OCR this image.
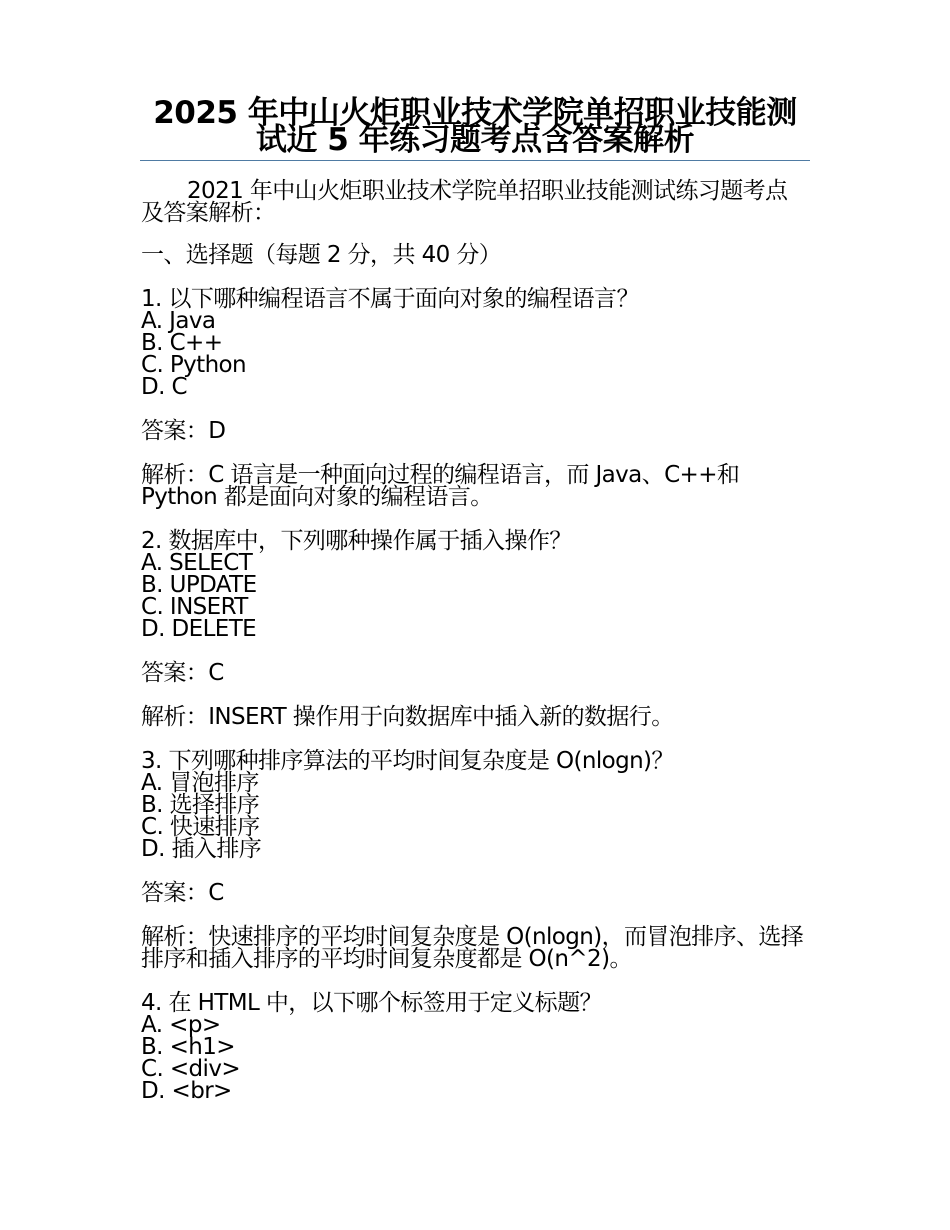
2025 年中山火炬职业技术学院单招职业技能测试近 5 年练习题考点含答案解析

2021 年中山火炬职业技术学院单招职业技能测试练习题考点及答案解析：

一、选择题（每题 2 分，共 40 分）

1. 以下哪种编程语言不属于面向对象的编程语言？

A. Java

B. C++

C. Python

D. C

答案：D

解析：C 语言是一种面向过程的编程语言，而 Java、C++和 Python 都是面向对象的编程语言。

2. 数据库中，下列哪种操作属于插入操作？

A. SELECT

B. UPDATE

C. INSERT

D. DELETE

答案：C

解析：INSERT 操作用于向数据库中插入新的数据行。

3. 下列哪种排序算法的平均时间复杂度是 O(nlogn)？

A. 冒泡排序

B. 选择排序

C. 快速排序

D. 插入排序

答案：C

解析：快速排序的平均时间复杂度是 O(nlogn)，而冒泡排序、选择排序和插入排序的平均时间复杂度都是 O(n^2)。

4. 在 HTML 中，以下哪个标签用于定义标题？

A. <p>

B. <h1>

C. <div>

D. <br>
